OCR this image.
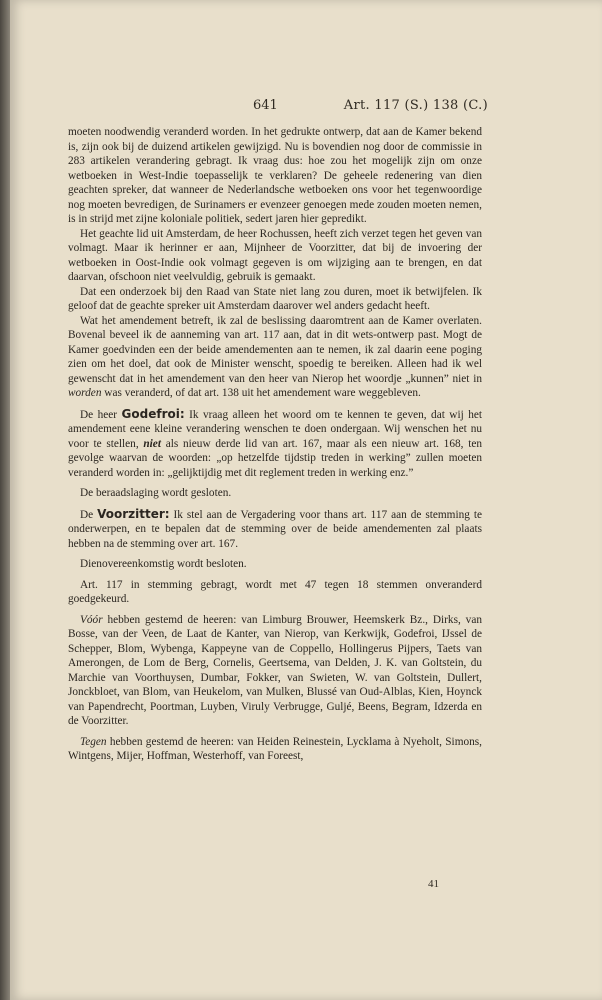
641	Art. 117 (S.) 138 (C.)

moeten noodwendig veranderd worden. In het gedrukte ontwerp, dat aan de Kamer bekend is, zijn ook bij de duizend artikelen gewijzigd. Nu is bovendien nog door de commissie in 283 artikelen verandering gebragt. Ik vraag dus: hoe zou het mogelijk zijn om onze wetboeken in West-Indie toepasselijk te verklaren? De geheele redenering van dien geachten spreker, dat wanneer de Nederlandsche wetboeken ons voor het tegenwoordige nog moeten bevredigen, de Surinamers er evenzeer genoegen mede zouden moeten nemen, is in strijd met zijne koloniale politiek, sedert jaren hier gepredikt.

Het geachte lid uit Amsterdam, de heer Rochussen, heeft zich verzet tegen het geven van volmagt. Maar ik herinner er aan, Mijnheer de Voorzitter, dat bij de invoering der wetboeken in Oost-Indie ook volmagt gegeven is om wijziging aan te brengen, en dat daarvan, ofschoon niet veelvuldig, gebruik is gemaakt.

Dat een onderzoek bij den Raad van State niet lang zou duren, moet ik betwijfelen. Ik geloof dat de geachte spreker uit Amsterdam daarover wel anders gedacht heeft.

Wat het amendement betreft, ik zal de beslissing daaromtrent aan de Kamer overlaten. Bovenal beveel ik de aanneming van art. 117 aan, dat in dit wets-ontwerp past. Mogt de Kamer goedvinden een der beide amendementen aan te nemen, ik zal daarin eene poging zien om het doel, dat ook de Minister wenscht, spoedig te bereiken. Alleen had ik wel gewenscht dat in het amendement van den heer van Nierop het woordje „kunnen” niet in worden was veranderd, of dat art. 138 uit het amendement ware weggebleven.

De heer Godefroi: Ik vraag alleen het woord om te kennen te geven, dat wij het amendement eene kleine verandering wenschen te doen ondergaan. Wij wenschen het nu voor te stellen, niet als nieuw derde lid van art. 167, maar als een nieuw art. 168, ten gevolge waarvan de woorden: „op hetzelfde tijdstip treden in werking” zullen moeten veranderd worden in: „gelijktijdig met dit reglement treden in werking enz.”

De beraadslaging wordt gesloten.

De Voorzitter: Ik stel aan de Vergadering voor thans art. 117 aan de stemming te onderwerpen, en te bepalen dat de stemming over de beide amendementen zal plaats hebben na de stemming over art. 167.

Dienovereenkomstig wordt besloten.

Art. 117 in stemming gebragt, wordt met 47 tegen 18 stemmen onveranderd goedgekeurd.

Vóór hebben gestemd de heeren: van Limburg Brouwer, Heemskerk Bz., Dirks, van Bosse, van der Veen, de Laat de Kanter, van Nierop, van Kerkwijk, Godefroi, IJssel de Schepper, Blom, Wybenga, Kappeyne van de Coppello, Hollingerus Pijpers, Taets van Amerongen, de Lom de Berg, Cornelis, Geertsema, van Delden, J. K. van Goltstein, du Marchie van Voorthuysen, Dumbar, Fokker, van Swieten, W. van Goltstein, Dullert, Jonckbloet, van Blom, van Heukelom, van Mulken, Blussé van Oud-Alblas, Kien, Hoynck van Papendrecht, Poortman, Luyben, Viruly Verbrugge, Guljé, Beens, Begram, Idzerda en de Voorzitter.

Tegen hebben gestemd de heeren: van Heiden Reinestein, Lycklama à Nyeholt, Simons, Wintgens, Mijer, Hoffman, Westerhoff, van Foreest,

41
